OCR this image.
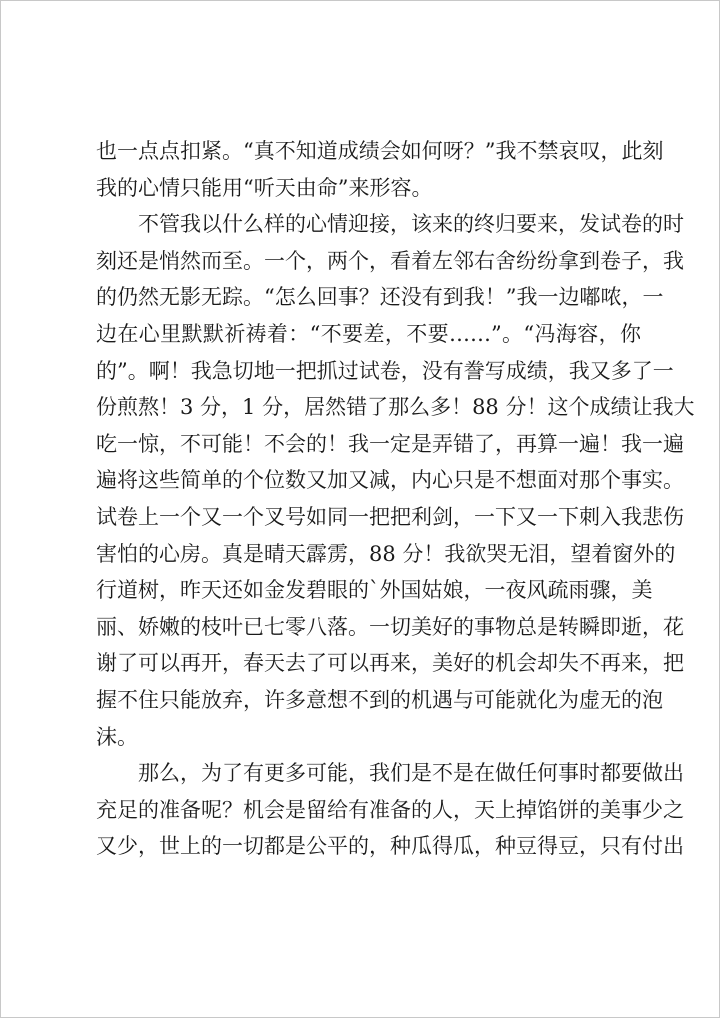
也一点点扣紧。“真不知道成绩会如何呀？”我不禁哀叹，此刻
我的心情只能用“听天由命”来形容。
不管我以什么样的心情迎接，该来的终归要来，发试卷的时
刻还是悄然而至。一个，两个，看着左邻右舍纷纷拿到卷子，我
的仍然无影无踪。“怎么回事？还没有到我！”我一边嘟哝，一
边在心里默默祈祷着：“不要差，不要……”。“冯海容，你
的”。啊！我急切地一把抓过试卷，没有誊写成绩，我又多了一
份煎熬！3 分，1 分，居然错了那么多！88 分！这个成绩让我大
吃一惊，不可能！不会的！我一定是弄错了，再算一遍！我一遍
遍将这些简单的个位数又加又减，内心只是不想面对那个事实。
试卷上一个又一个叉号如同一把把利剑，一下又一下刺入我悲伤
害怕的心房。真是晴天霹雳，88 分！我欲哭无泪，望着窗外的
行道树，昨天还如金发碧眼的`外国姑娘，一夜风疏雨骤，美
丽、娇嫩的枝叶已七零八落。一切美好的事物总是转瞬即逝，花
谢了可以再开，春天去了可以再来，美好的机会却失不再来，把
握不住只能放弃，许多意想不到的机遇与可能就化为虚无的泡
沫。
那么，为了有更多可能，我们是不是在做任何事时都要做出
充足的准备呢？机会是留给有准备的人，天上掉馅饼的美事少之
又少，世上的一切都是公平的，种瓜得瓜，种豆得豆，只有付出
